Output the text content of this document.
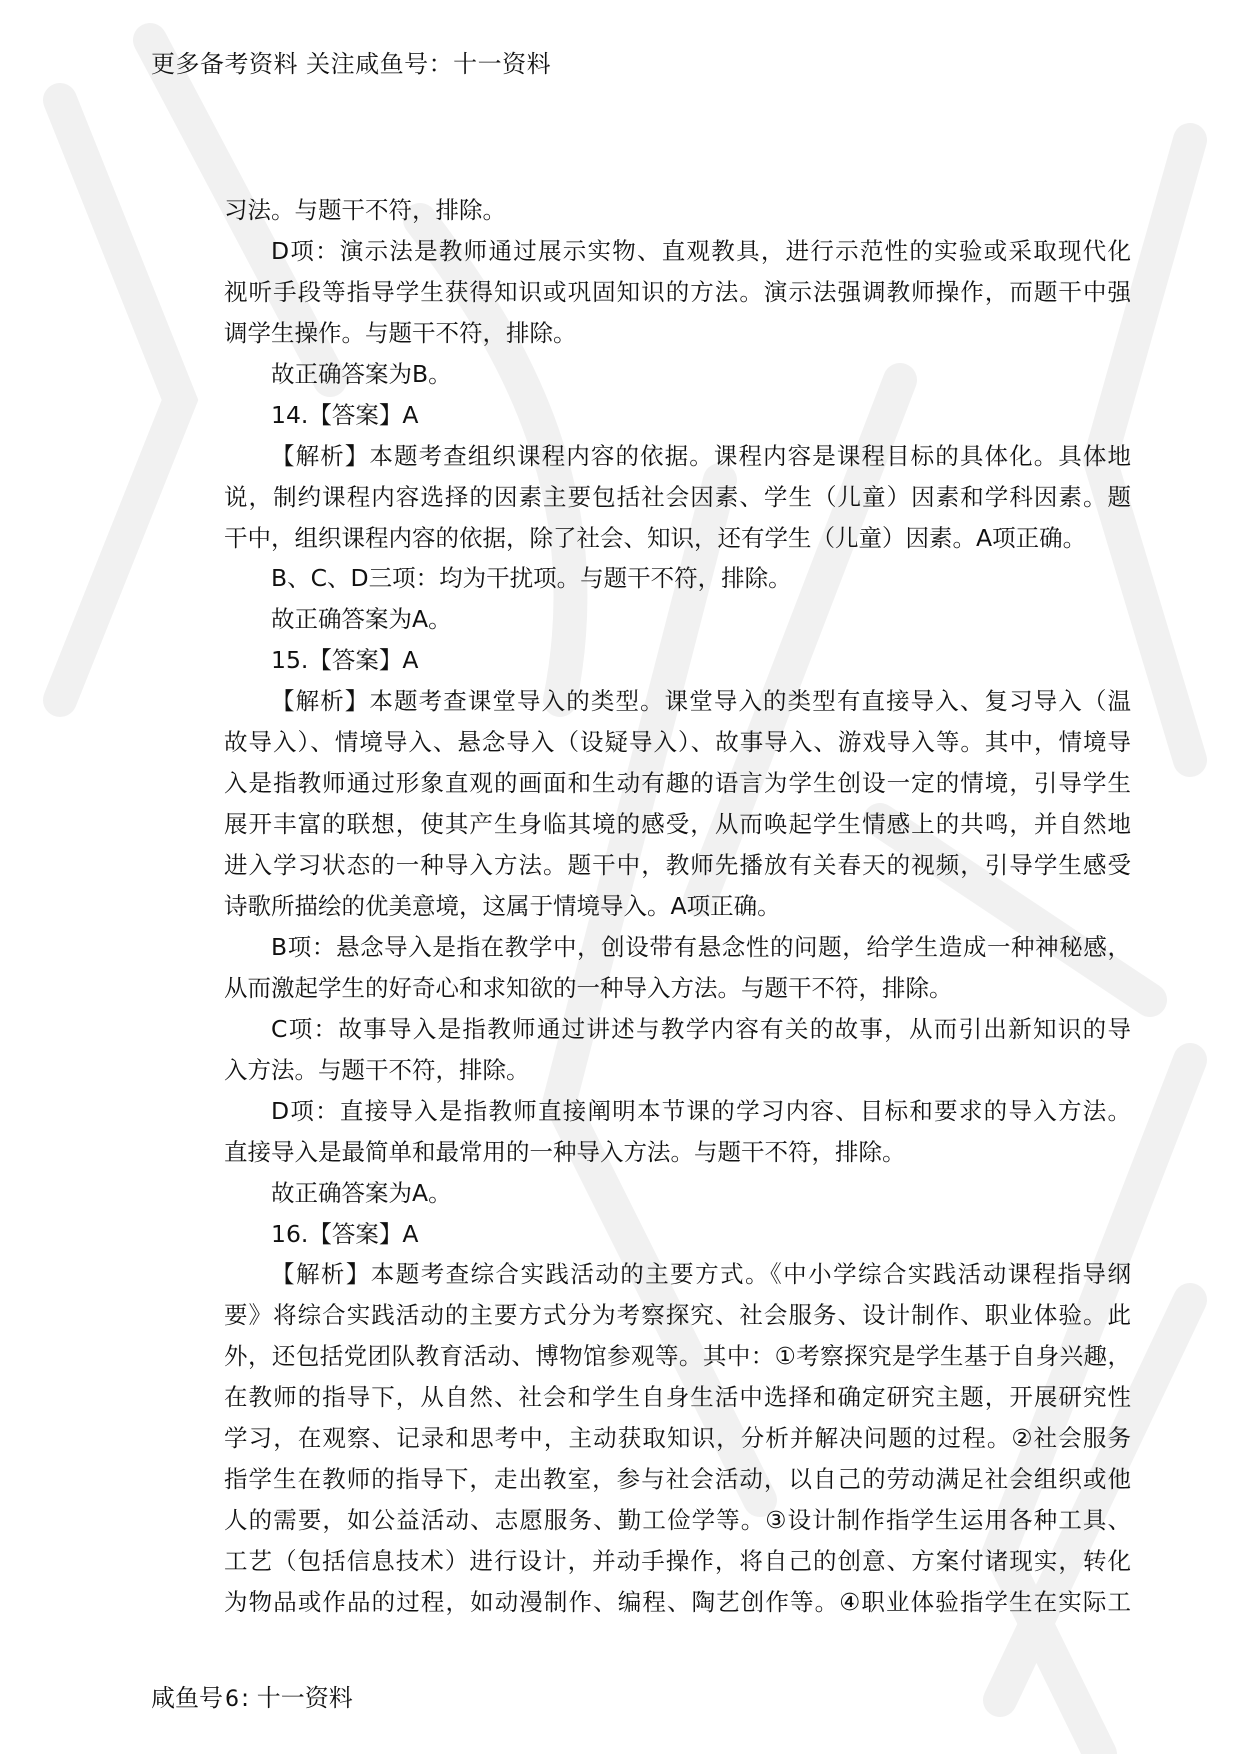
更多备考资料 关注咸鱼号：十一资料
习法。与题干不符，排除。
D项：演示法是教师通过展示实物、直观教具，进行示范性的实验或采取现代化
视听手段等指导学生获得知识或巩固知识的方法。演示法强调教师操作，而题干中强
调学生操作。与题干不符，排除。
故正确答案为B。
14.【答案】A
【解析】本题考查组织课程内容的依据。课程内容是课程目标的具体化。具体地
说，制约课程内容选择的因素主要包括社会因素、学生（儿童）因素和学科因素。题
干中，组织课程内容的依据，除了社会、知识，还有学生（儿童）因素。A项正确。
B、C、D三项：均为干扰项。与题干不符，排除。
故正确答案为A。
15.【答案】A
【解析】本题考查课堂导入的类型。课堂导入的类型有直接导入、复习导入（温
故导入）、情境导入、悬念导入（设疑导入）、故事导入、游戏导入等。其中，情境导
入是指教师通过形象直观的画面和生动有趣的语言为学生创设一定的情境，引导学生
展开丰富的联想，使其产生身临其境的感受，从而唤起学生情感上的共鸣，并自然地
进入学习状态的一种导入方法。题干中，教师先播放有关春天的视频，引导学生感受
诗歌所描绘的优美意境，这属于情境导入。A项正确。
B项：悬念导入是指在教学中，创设带有悬念性的问题，给学生造成一种神秘感，
从而激起学生的好奇心和求知欲的一种导入方法。与题干不符，排除。
C项：故事导入是指教师通过讲述与教学内容有关的故事，从而引出新知识的导
入方法。与题干不符，排除。
D项：直接导入是指教师直接阐明本节课的学习内容、目标和要求的导入方法。
直接导入是最简单和最常用的一种导入方法。与题干不符，排除。
故正确答案为A。
16.【答案】A
【解析】本题考查综合实践活动的主要方式。《中小学综合实践活动课程指导纲
要》将综合实践活动的主要方式分为考察探究、社会服务、设计制作、职业体验。此
外，还包括党团队教育活动、博物馆参观等。其中：①考察探究是学生基于自身兴趣，
在教师的指导下，从自然、社会和学生自身生活中选择和确定研究主题，开展研究性
学习，在观察、记录和思考中，主动获取知识，分析并解决问题的过程。②社会服务
指学生在教师的指导下，走出教室，参与社会活动，以自己的劳动满足社会组织或他
人的需要，如公益活动、志愿服务、勤工俭学等。③设计制作指学生运用各种工具、
工艺（包括信息技术）进行设计，并动手操作，将自己的创意、方案付诸现实，转化
为物品或作品的过程，如动漫制作、编程、陶艺创作等。④职业体验指学生在实际工
咸鱼号6: 十一资料
